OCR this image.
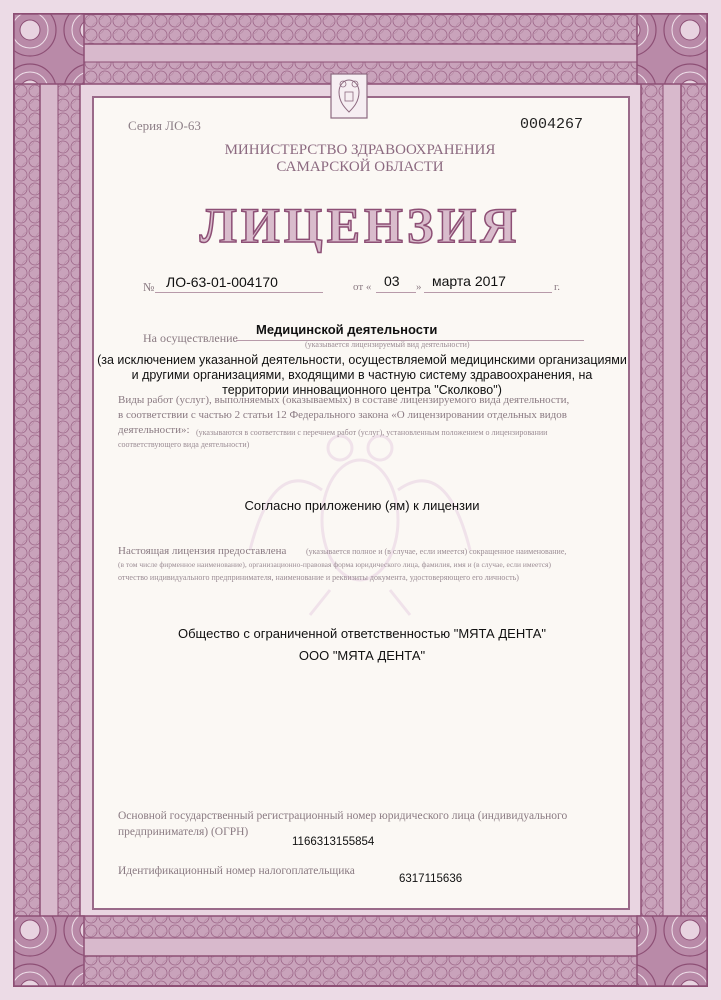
Серия ЛО-63	0004267
МИНИСТЕРСТВО ЗДРАВООХРАНЕНИЯ
САМАРСКОЙ ОБЛАСТИ
ЛИЦЕНЗИЯ
№ ЛО-63-01-004170	от « 03 » марта 2017	г.
На осуществление
Медицинской деятельности
(указывается лицензируемый вид деятельности)
(за исключением указанной деятельности, осуществляемой медицинскими организациями
и другими организациями, входящими в частную систему здравоохранения, на
территории инновационного центра "Сколково")
Виды работ (услуг), выполняемых (оказываемых) в составе лицензируемого вида деятельности,
в соответствии с частью 2 статьи 12 Федерального закона «О лицензировании отдельных видов
деятельности»: (указываются в соответствии с перечнем работ (услуг), установленным положением о лицензировании
соответствующего вида деятельности)
Согласно приложению (ям) к лицензии
Настоящая лицензия предоставлена (указывается полное и (в случае, если имеется) сокращенное наименование,
(в том числе фирменное наименование), организационно-правовая форма юридического лица, фамилия, имя и (в случае, если имеется)
отчество индивидуального предпринимателя, наименование и реквизиты документа, удостоверяющего его личность)
Общество с ограниченной ответственностью "МЯТА ДЕНТА"
ООО "МЯТА ДЕНТА"
Основной государственный регистрационный номер юридического лица (индивидуального
предпринимателя) (ОГРН)
1166313155854
Идентификационный номер налогоплательщика
6317115636
